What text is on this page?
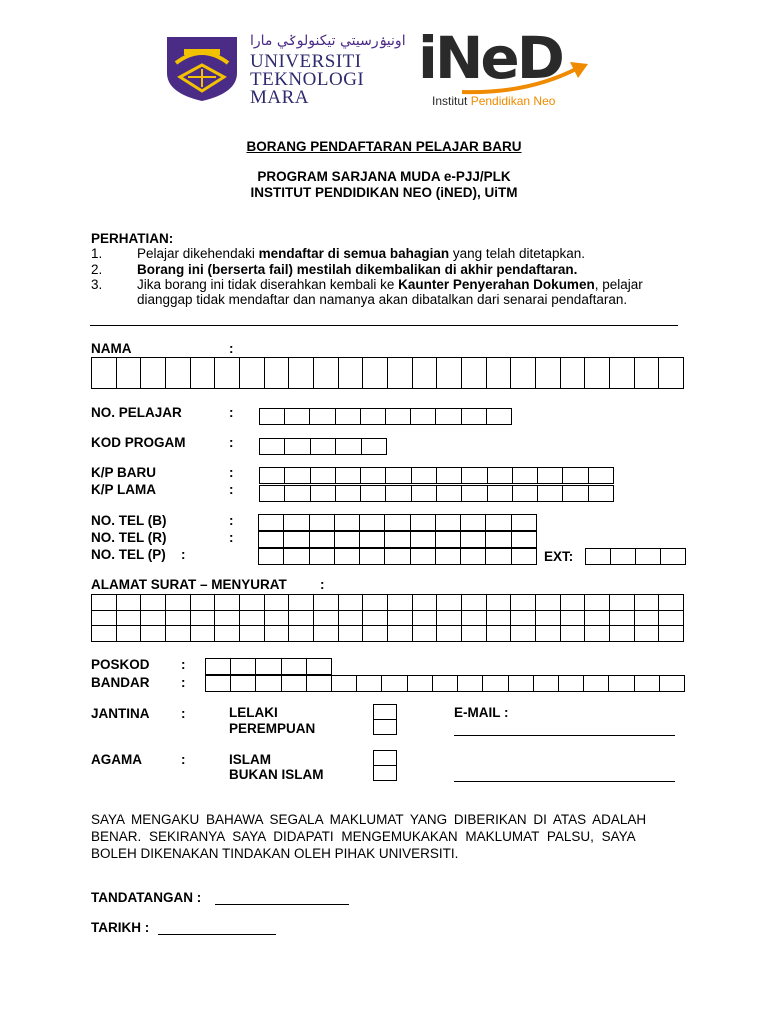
اونيۏرسيتي تيكنولوݢي مارا
UNIVERSITI
TEKNOLOGI
MARA
iNeD
Institut Pendidikan Neo
BORANG PENDAFTARAN PELAJAR BARU
PROGRAM SARJANA MUDA e-PJJ/PLK
INSTITUT PENDIDIKAN NEO (iNED), UiTM
PERHATIAN:
1.	Pelajar dikehendaki mendaftar di semua bahagian yang telah ditetapkan.
2.	Borang ini (berserta fail) mestilah dikembalikan di akhir pendaftaran.
3.	Jika borang ini tidak diserahkan kembali ke Kaunter Penyerahan Dokumen, pelajar
dianggap tidak mendaftar dan namanya akan dibatalkan dari senarai pendaftaran.
NAMA	:
NO. PELAJAR	:
KOD PROGAM	:
K/P BARU	:
K/P LAMA	:
NO. TEL (B)	:
NO. TEL (R)	:
NO. TEL (P) :	EXT:
ALAMAT SURAT – MENYURAT :
POSKOD :
BANDAR :
JANTINA :	LELAKI
PEREMPUAN
E-MAIL :
AGAMA	:	ISLAM
BUKAN ISLAM
SAYA MENGAKU BAHAWA SEGALA MAKLUMAT YANG DIBERIKAN DI ATAS ADALAH
BENAR. SEKIRANYA SAYA DIDAPATI MENGEMUKAKAN MAKLUMAT PALSU, SAYA
BOLEH DIKENAKAN TINDAKAN OLEH PIHAK UNIVERSITI.
TANDATANGAN :
TARIKH :
